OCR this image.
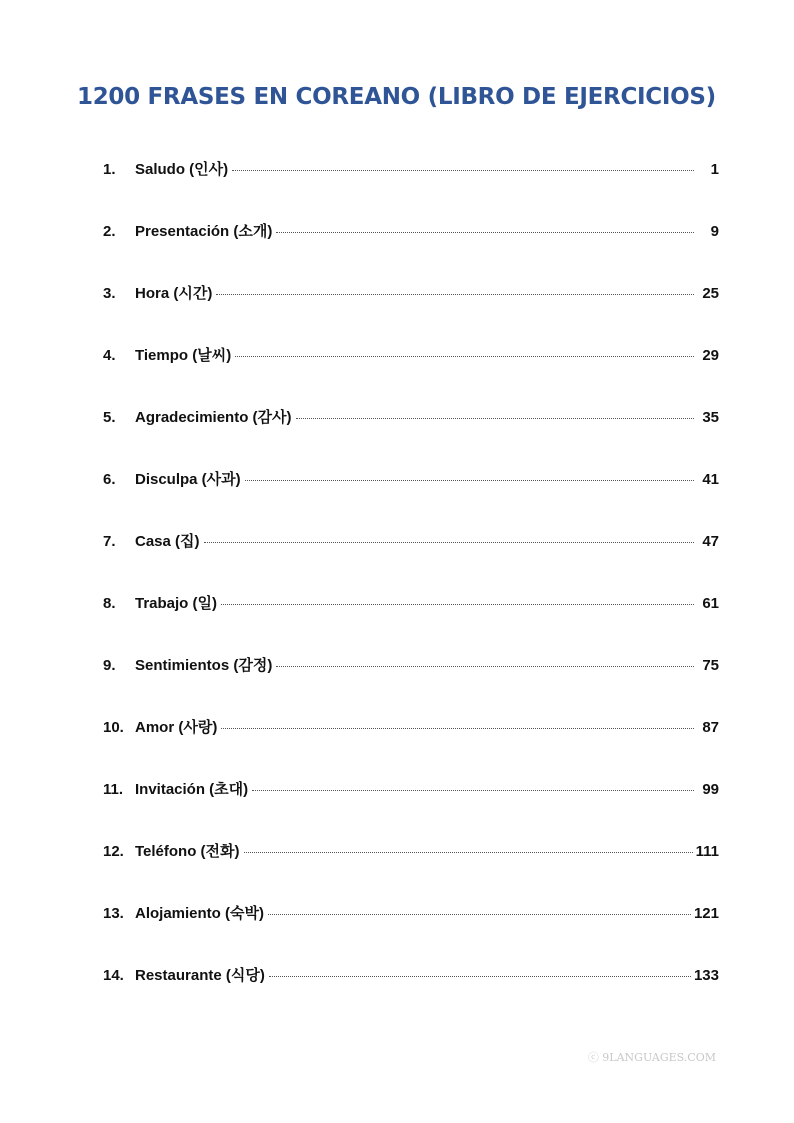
1200 FRASES EN COREANO (LIBRO DE EJERCICIOS)
1.	Saludo (인사)	1
2.	Presentación (소개)	9
3.	Hora (시간)	25
4.	Tiempo (날씨)	29
5.	Agradecimiento (감사)	35
6.	Disculpa (사과)	41
7.	Casa (집)	47
8.	Trabajo (일)	61
9.	Sentimientos (감정)	75
10. Amor (사랑)	87
11. Invitación (초대)	99
12. Teléfono (전화)	111
13. Alojamiento (숙박)	121
14. Restaurante (식당)	133
ⓒ 9LANGUAGES.COM
